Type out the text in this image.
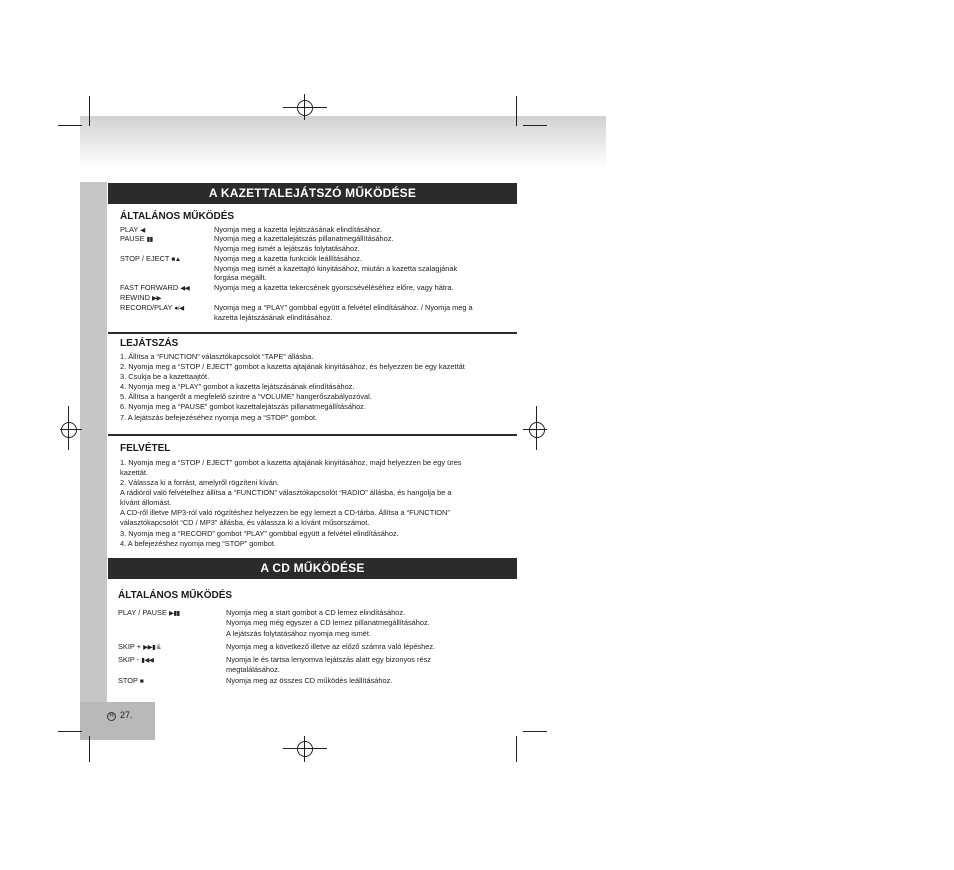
H 27.
A KAZETTALEJÁTSZÓ MŰKÖDÉSE
ÁLTALÁNOS MŰKÖDÉS
PLAY ◀	Nyomja meg a kazetta lejátszásának elindításához.
PAUSE ▮▮	Nyomja meg a kazettalejátszás pillanatmegállításához.
Nyomja meg ismét a lejátszás folytatásához.
STOP / EJECT ■▲	Nyomja meg a kazetta funkciók leállításához.
Nyomja meg ismét a kazettajtó kinyitásához, miután a kazetta szalagjának
forgása megállt.
FAST FORWARD ◀◀	Nyomja meg a kazetta tekercsének gyorscsévéléséhez előre, vagy hátra.
REWIND ▶▶
RECORD/PLAY ●/◀	Nyomja meg a “PLAY” gombbal együtt a felvétel elindításához. / Nyomja meg a
kazetta lejátszásának elindításához.
LEJÁTSZÁS
1. Állítsa a “FUNCTION” választókapcsolót “TAPE” állásba.
2. Nyomja meg a “STOP / EJECT” gombot a kazetta ajtajának kinyitásához, és helyezzen be egy kazettát
3. Csukja be a kazettaajtót.
4. Nyomja meg a “PLAY” gombot a kazetta lejátszásának elindításához.
5. Állítsa a hangerőt a megfelelő szintre a “VOLUME” hangerőszabályozóval.
6. Nyomja meg a “PAUSE” gombot kazettalejátszás pillanatmegállításához.
7. A lejátszás befejezéséhez nyomja meg a “STOP” gombot.
FELVÉTEL
1. Nyomja meg a “STOP / EJECT” gombot a kazetta ajtajának kinyitásához, majd helyezzen be egy üres
kazettát.
2. Válassza ki a forrást, amelyről rögzíteni kíván.
A rádióról való felvételhez állítsa a “FUNCTION” választókapcsolót “RADIO” állásba, és hangolja be a
kívánt állomást.
A CD-ről illetve MP3-ról való rögzítéshez helyezzen be egy lemezt a CD-tárba. Állítsa a “FUNCTION”
választókapcsolót “CD / MP3” állásba, és válassza ki a kívánt műsorszámot.
3. Nyomja meg a “RECORD” gombot “PLAY” gombbal együtt a felvétel elindításához.
4. A befejezéshez nyomja meg “STOP” gombot.
A CD MŰKÖDÉSE
ÁLTALÁNOS MŰKÖDÉS
PLAY / PAUSE ▶▮▮	Nyomja meg a start gombot a CD lemez elindításához.
Nyomja meg még egyszer a CD lemez pillanatmegállításához.
A lejátszás folytatásához nyomja meg ismét.
SKIP + ▶▶▮ &	Nyomja meg a következő illetve az előző számra való lépéshez.
SKIP - ▮◀◀	Nyomja le és tartsa lenyomva lejátszás alatt egy bizonyos rész
megtalálásához.
STOP ■	Nyomja meg az összes CD működés leállításához.
